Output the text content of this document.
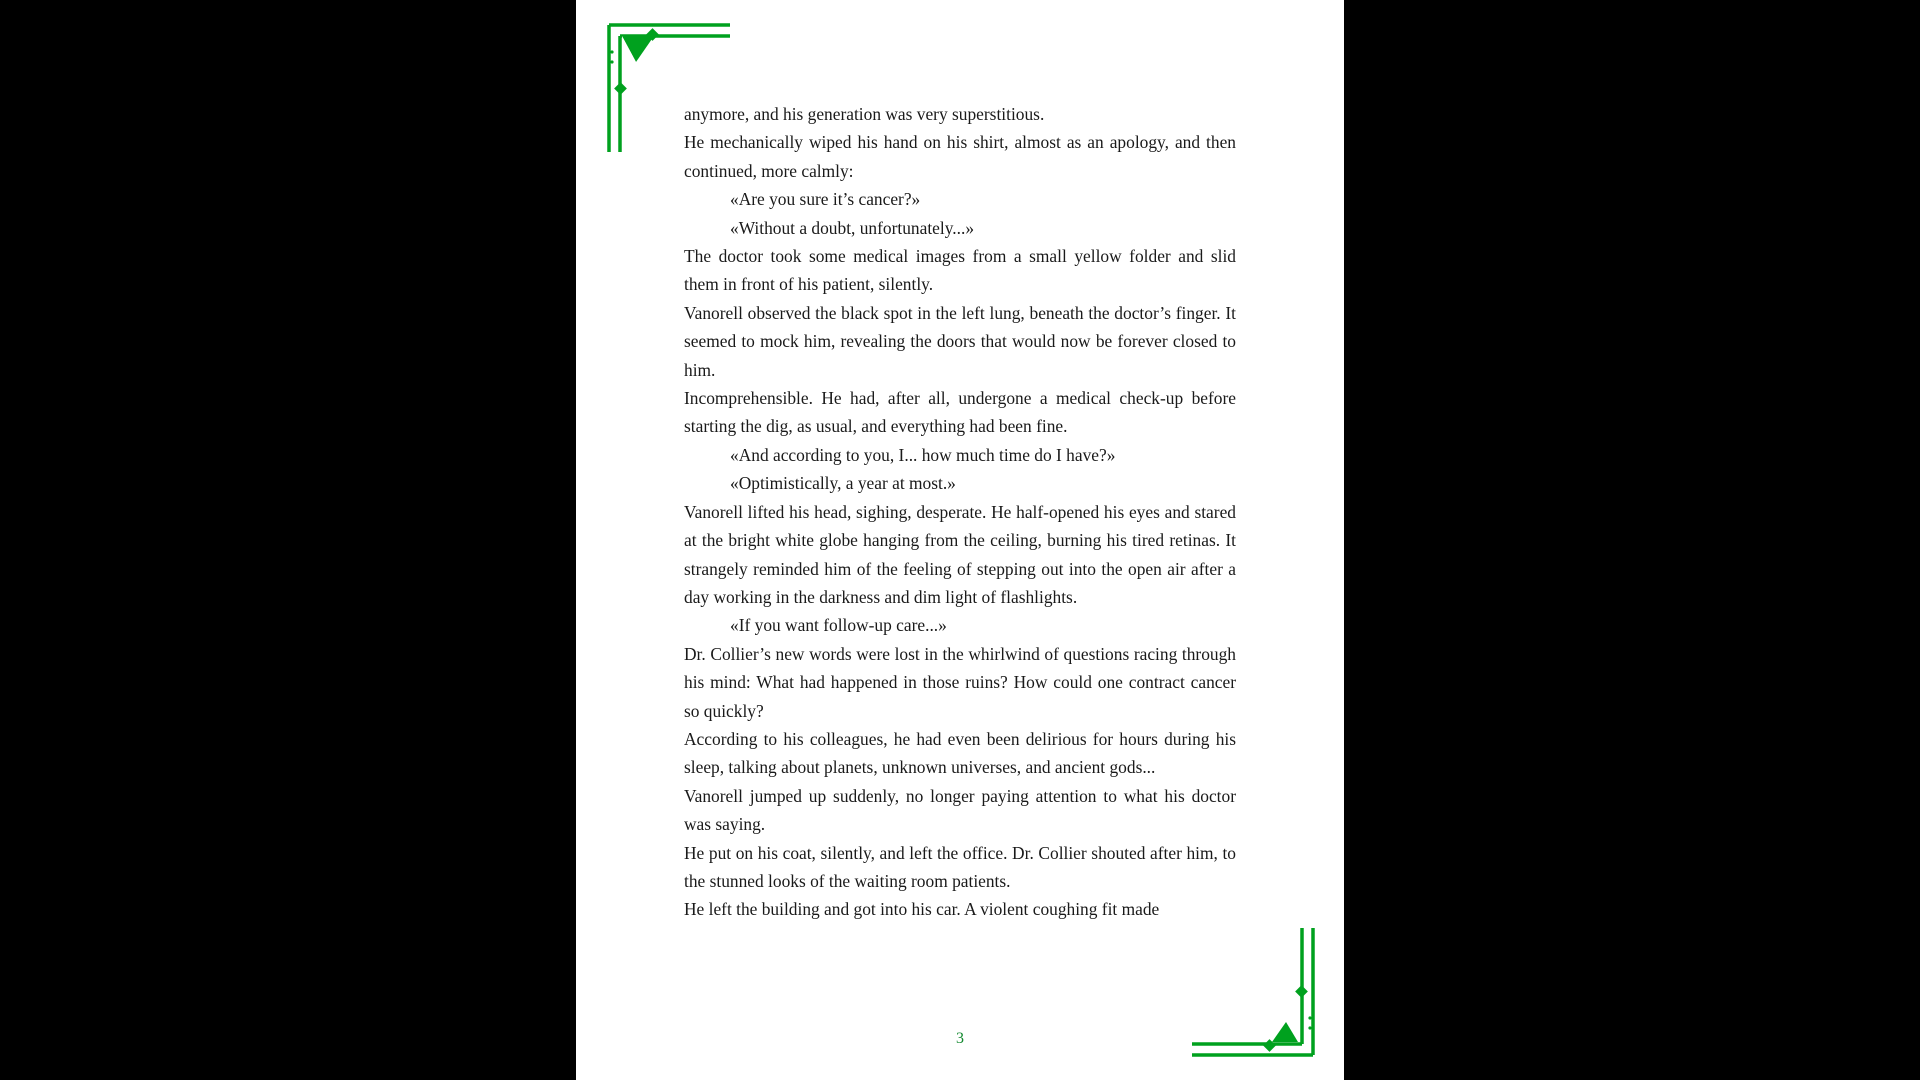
anymore, and his generation was very superstitious.

He mechanically wiped his hand on his shirt, almost as an apology, and then continued, more calmly:

«Are you sure it’s cancer?»

«Without a doubt, unfortunately...»

The doctor took some medical images from a small yellow folder and slid them in front of his patient, silently.

Vanorell observed the black spot in the left lung, beneath the doctor’s finger. It seemed to mock him, revealing the doors that would now be forever closed to him.

Incomprehensible. He had, after all, undergone a medical check-up before starting the dig, as usual, and everything had been fine.

«And according to you, I... how much time do I have?»

«Optimistically, a year at most.»

Vanorell lifted his head, sighing, desperate. He half-opened his eyes and stared at the bright white globe hanging from the ceiling, burning his tired retinas. It strangely reminded him of the feeling of stepping out into the open air after a day working in the darkness and dim light of flashlights.

«If you want follow-up care...»

Dr. Collier’s new words were lost in the whirlwind of questions racing through his mind: What had happened in those ruins? How could one contract cancer so quickly?

According to his colleagues, he had even been delirious for hours during his sleep, talking about planets, unknown universes, and ancient gods...

Vanorell jumped up suddenly, no longer paying attention to what his doctor was saying.

He put on his coat, silently, and left the office. Dr. Collier shouted after him, to the stunned looks of the waiting room patients.

He left the building and got into his car. A violent coughing fit made

3
